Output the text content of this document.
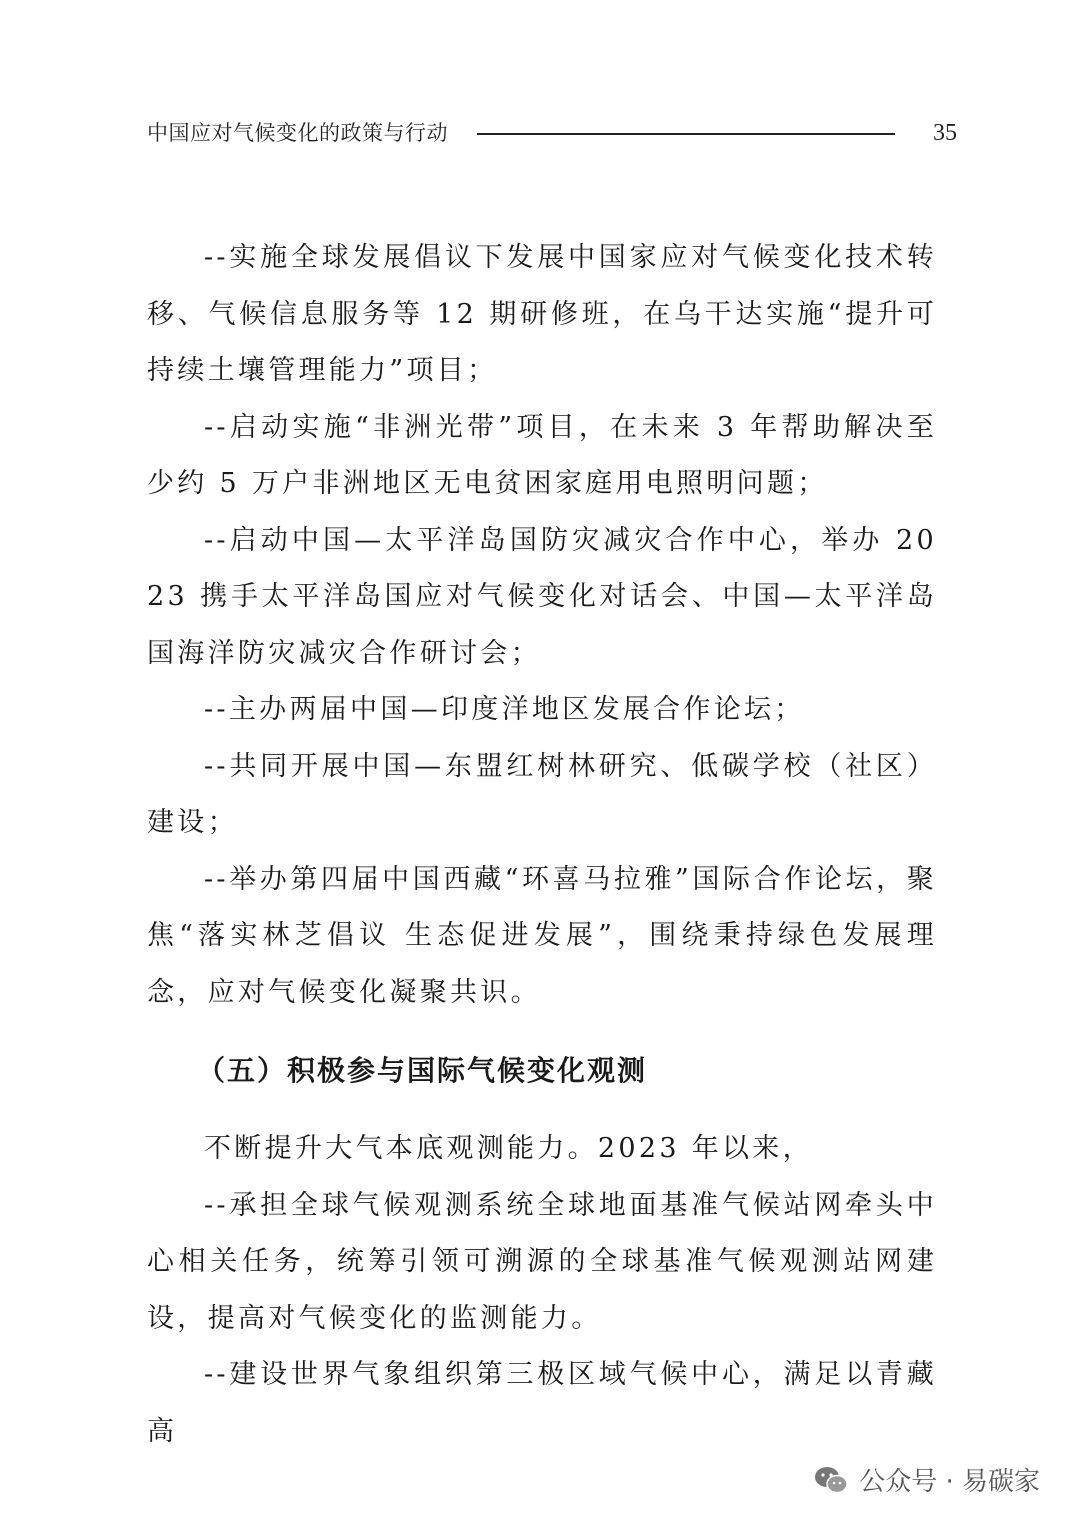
中国应对气候变化的政策与行动	35

--实施全球发展倡议下发展中国家应对气候变化技术转移、气候信息服务等 12 期研修班，在乌干达实施“提升可持续土壤管理能力”项目；

--启动实施“非洲光带”项目，在未来 3 年帮助解决至少约 5 万户非洲地区无电贫困家庭用电照明问题；

--启动中国—太平洋岛国防灾减灾合作中心，举办 2023 携手太平洋岛国应对气候变化对话会、中国—太平洋岛国海洋防灾减灾合作研讨会；

--主办两届中国—印度洋地区发展合作论坛；

--共同开展中国—东盟红树林研究、低碳学校（社区）建设；

--举办第四届中国西藏“环喜马拉雅”国际合作论坛，聚焦“落实林芝倡议 生态促进发展”，围绕秉持绿色发展理念，应对气候变化凝聚共识。

（五）积极参与国际气候变化观测

不断提升大气本底观测能力。2023 年以来，

--承担全球气候观测系统全球地面基准气候站网牵头中心相关任务，统筹引领可溯源的全球基准气候观测站网建设，提高对气候变化的监测能力。

--建设世界气象组织第三极区域气候中心，满足以青藏高

公众号 · 易碳家
